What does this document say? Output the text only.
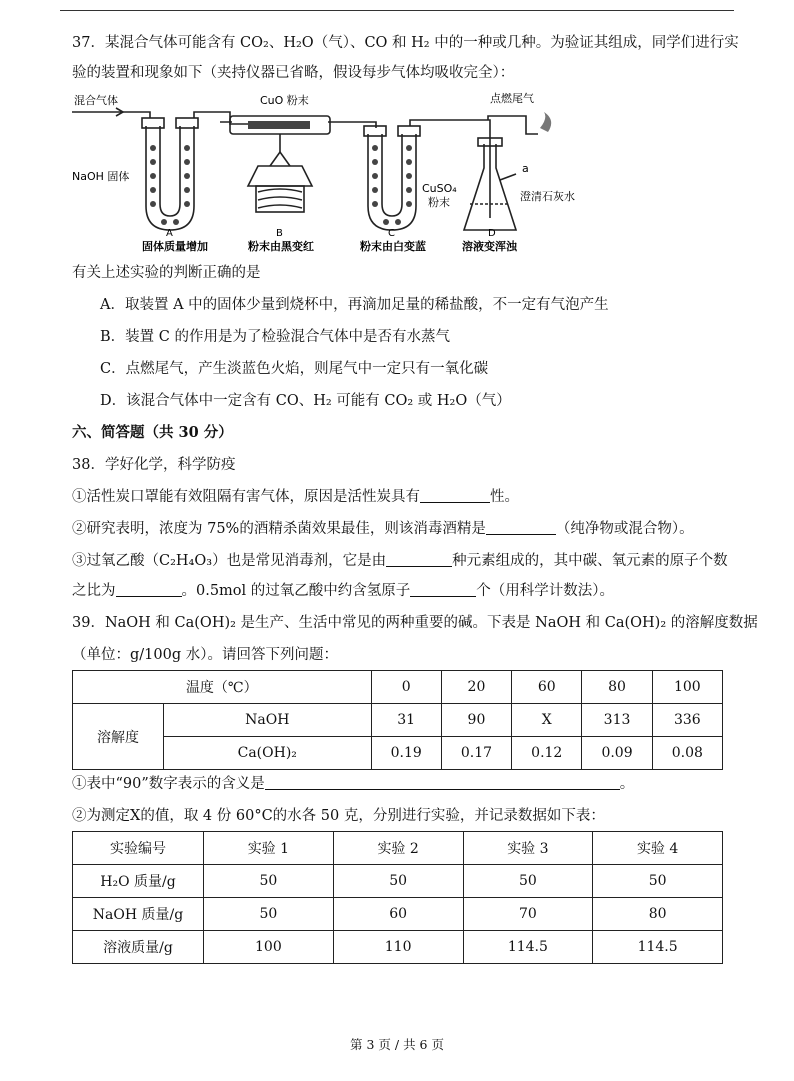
37．某混合气体可能含有 CO₂、H₂O（气）、CO 和 H₂ 中的一种或几种。为验证其组成，同学们进行实
验的装置和现象如下（夹持仪器已省略，假设每步气体均吸收完全）：
混合气体
NaOH 固体
CuO 粉末
CuSO₄
粉末
点燃尾气
a
澄清石灰水
A
固体质量增加
B
粉末由黑变红
C
粉末由白变蓝
D
溶液变浑浊
有关上述实验的判断正确的是
A．取装置 A 中的固体少量到烧杯中，再滴加足量的稀盐酸，不一定有气泡产生
B．装置 C 的作用是为了检验混合气体中是否有水蒸气
C．点燃尾气，产生淡蓝色火焰，则尾气中一定只有一氧化碳
D．该混合气体中一定含有 CO、H₂ 可能有 CO₂ 或 H₂O（气）
六、简答题（共 30 分）
38．学好化学，科学防疫
①活性炭口罩能有效阻隔有害气体，原因是活性炭具有	性。
②研究表明，浓度为 75%的酒精杀菌效果最佳，则该消毒酒精是	（纯净物或混合物）。
③过氧乙酸（C₂H₄O₃）也是常见消毒剂，它是由	种元素组成的，其中碳、氧元素的原子个数
之比为	。0.5mol 的过氧乙酸中约含氢原子	个（用科学计数法）。
39．NaOH 和 Ca(OH)₂ 是生产、生活中常见的两种重要的碱。下表是 NaOH 和 Ca(OH)₂ 的溶解度数据
（单位：g/100g 水）。请回答下列问题：
温度（℃）		0	20	60	80	100
溶解度	NaOH	31	90	X	313	336
	Ca(OH)₂	0.19	0.17	0.12	0.09	0.08
①表中“90”数字表示的含义是	。
②为测定X的值，取 4 份 60°C的水各 50 克，分别进行实验，并记录数据如下表：
实验编号	实验 1	实验 2	实验 3	实验 4
H₂O 质量/g	50	50	50	50
NaOH 质量/g	50	60	70	80
溶液质量/g	100	110	114.5	114.5
第 3 页 / 共 6 页
